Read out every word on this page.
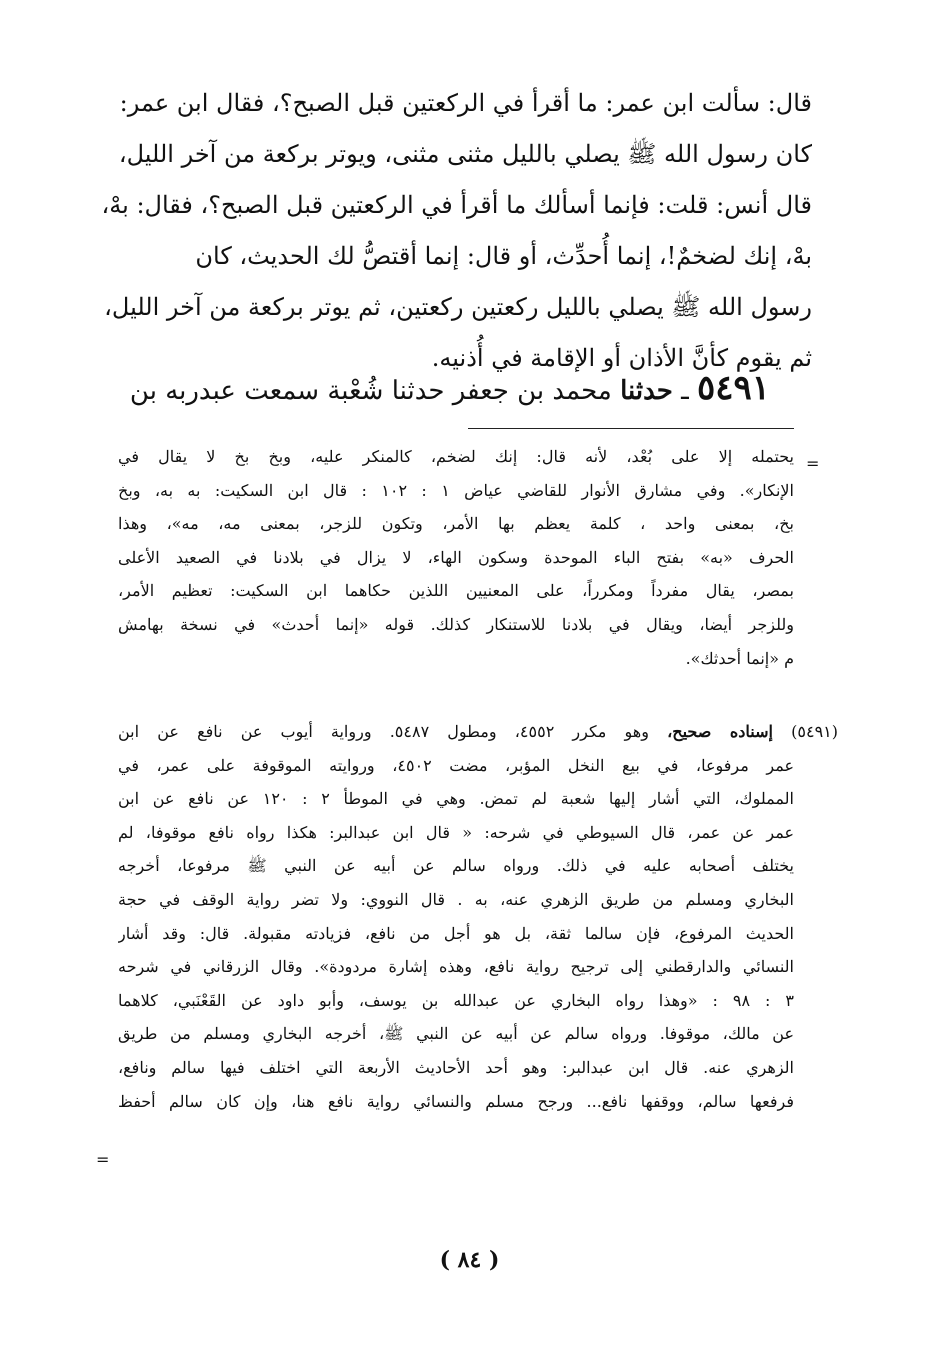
قال: سألت ابن عمر: ما أقرأ في الركعتين قبل الصبح؟، فقال ابن عمر:
كان رسول الله ﷺ يصلي بالليل مثنى مثنى، ويوتر بركعة من آخر الليل،
قال أنس: قلت: فإنما أسألك ما أقرأ في الركعتين قبل الصبح؟، فقال: بهْ،
بهْ، إنك لضخمٌ!، إنما أُحدِّث، أو قال: إنما أقتصُّ لك الحديث، كان
رسول الله ﷺ يصلي بالليل ركعتين ركعتين، ثم يوتر بركعة من آخر الليل،
ثم يقوم كأنَّ الأذان أو الإقامة في أُذنيه.
٥٤٩١ ـ حدثنا محمد بن جعفر حدثنا شُعْبة سمعت عبدربه بن
=
يحتمله إلا على بُعْد، لأنه قال: إنك لضخم، كالمنكر عليه، وبخ بخ لا يقال في
الإنكار». وفي مشارق الأنوار للقاضي عياض ١ : ١٠٢ : قال ابن السكيت: به به، وبخ
بخ، بمعنى واحد ، كلمة يعظم بها الأمر، وتكون للزجر، بمعنى مه، مه»، وهذا
الحرف «به» بفتح الباء الموحدة وسكون الهاء، لا يزال في بلادنا في الصعيد الأعلى
بمصر، يقال مفرداً ومكرراً، على المعنيين اللذين حكاهما ابن السكيت: تعظيم الأمر،
وللزجر أيضا، ويقال في بلادنا للاستنكار كذلك. قوله «إنما أحدث» في نسخة بهامش
م «إنما أحدثك».
(٥٤٩١) إسناده صحيح، وهو مكرر ٤٥٥٢، ومطول ٥٤٨٧. ورواية أيوب عن نافع عن ابن
عمر مرفوعا، في بيع النخل المؤبر، مضت ٤٥٠٢، وروايته الموقوفة على عمر، في
المملوك، التي أشار إليها شعبة لم تمض. وهي في الموطأ ٢ : ١٢٠ عن نافع عن ابن
عمر عن عمر، قال السيوطي في شرحه: « قال ابن عبدالبر: هكذا رواه نافع موقوفا، لم
يختلف أصحابه عليه في ذلك. ورواه سالم عن أبيه عن النبي ﷺ مرفوعا، أخرجه
البخاري ومسلم من طريق الزهري عنه، به . قال النووي: ولا تضر رواية الوقف في حجة
الحديث المرفوع، فإن سالما ثقة، بل هو أجل من نافع، فزيادته مقبولة. قال: وقد أشار
النسائي والدارقطني إلى ترجيح رواية نافع، وهذه إشارة مردودة». وقال الزرقاني في شرحه
٣ : ٩٨ : «وهذا رواه البخاري عن عبدالله بن يوسف، وأبو داود عن القَعْنَبي، كلاهما
عن مالك، موقوفا. ورواه سالم عن أبيه عن النبي ﷺ، أخرجه البخاري ومسلم من طريق
الزهري عنه. قال ابن عبدالبر: وهو أحد الأحاديث الأربعة التي اختلف فيها سالم ونافع،
فرفعها سالم، ووقفها نافع... ورجح مسلم والنسائي رواية نافع هنا، وإن كان سالم أحفظ
=
( ٨٤ )
